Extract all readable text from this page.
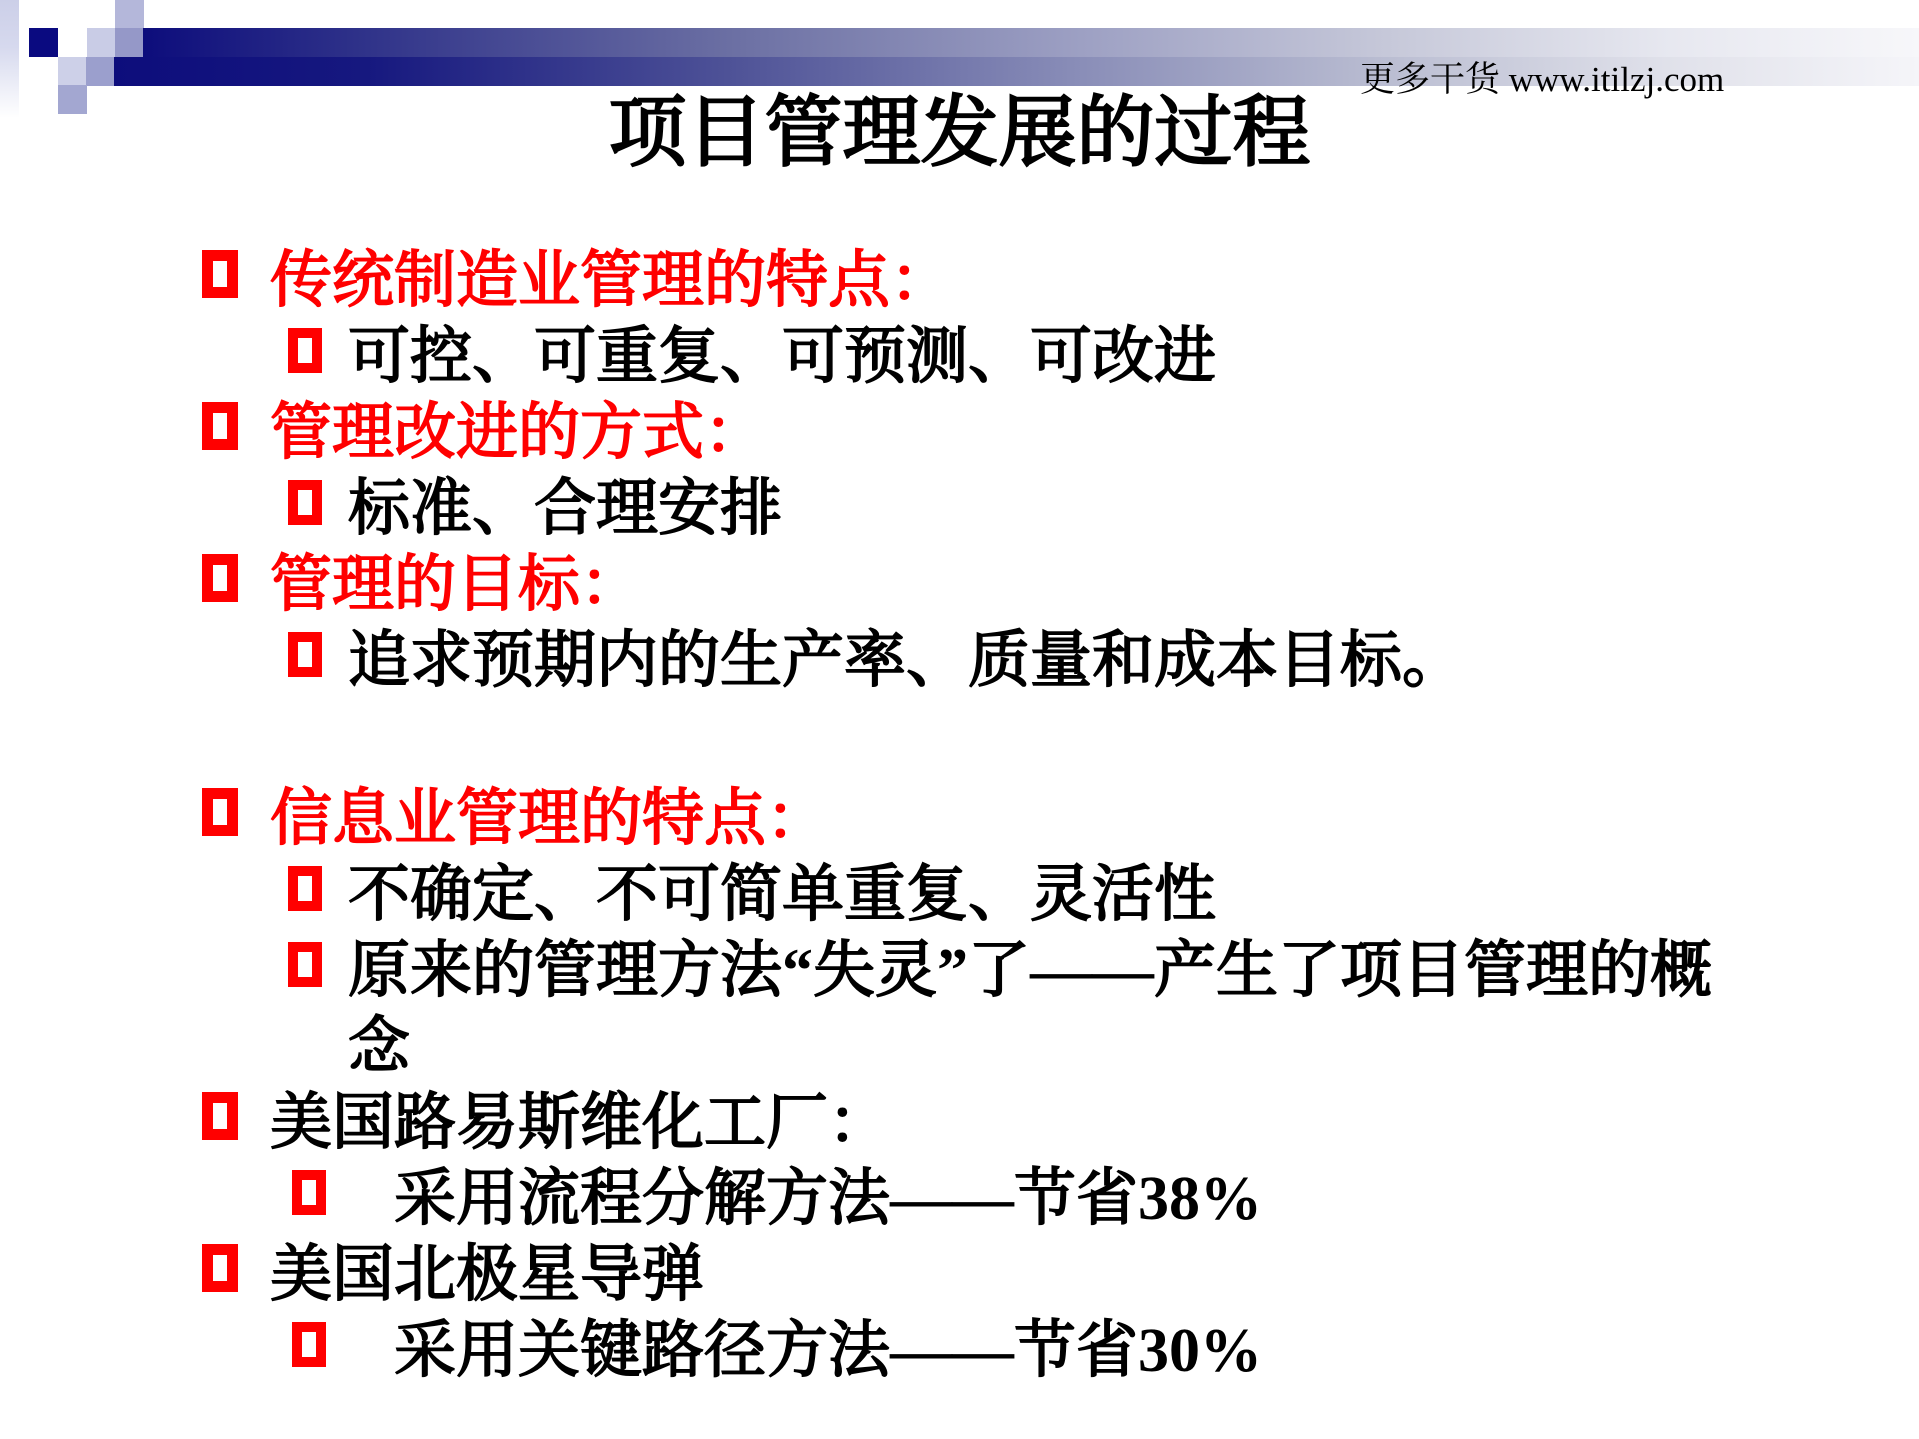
更多干货 www.itilzj.com
项目管理发展的过程
传统制造业管理的特点：
可控、可重复、可预测、可改进
管理改进的方式：
标准、合理安排
管理的目标：
追求预期内的生产率、质量和成本目标。
信息业管理的特点：
不确定、不可简单重复、灵活性
原来的管理方法“失灵”了——产生了项目管理的概
念
美国路易斯维化工厂：
采用流程分解方法——节省38%
美国北极星导弹
采用关键路径方法——节省30%
